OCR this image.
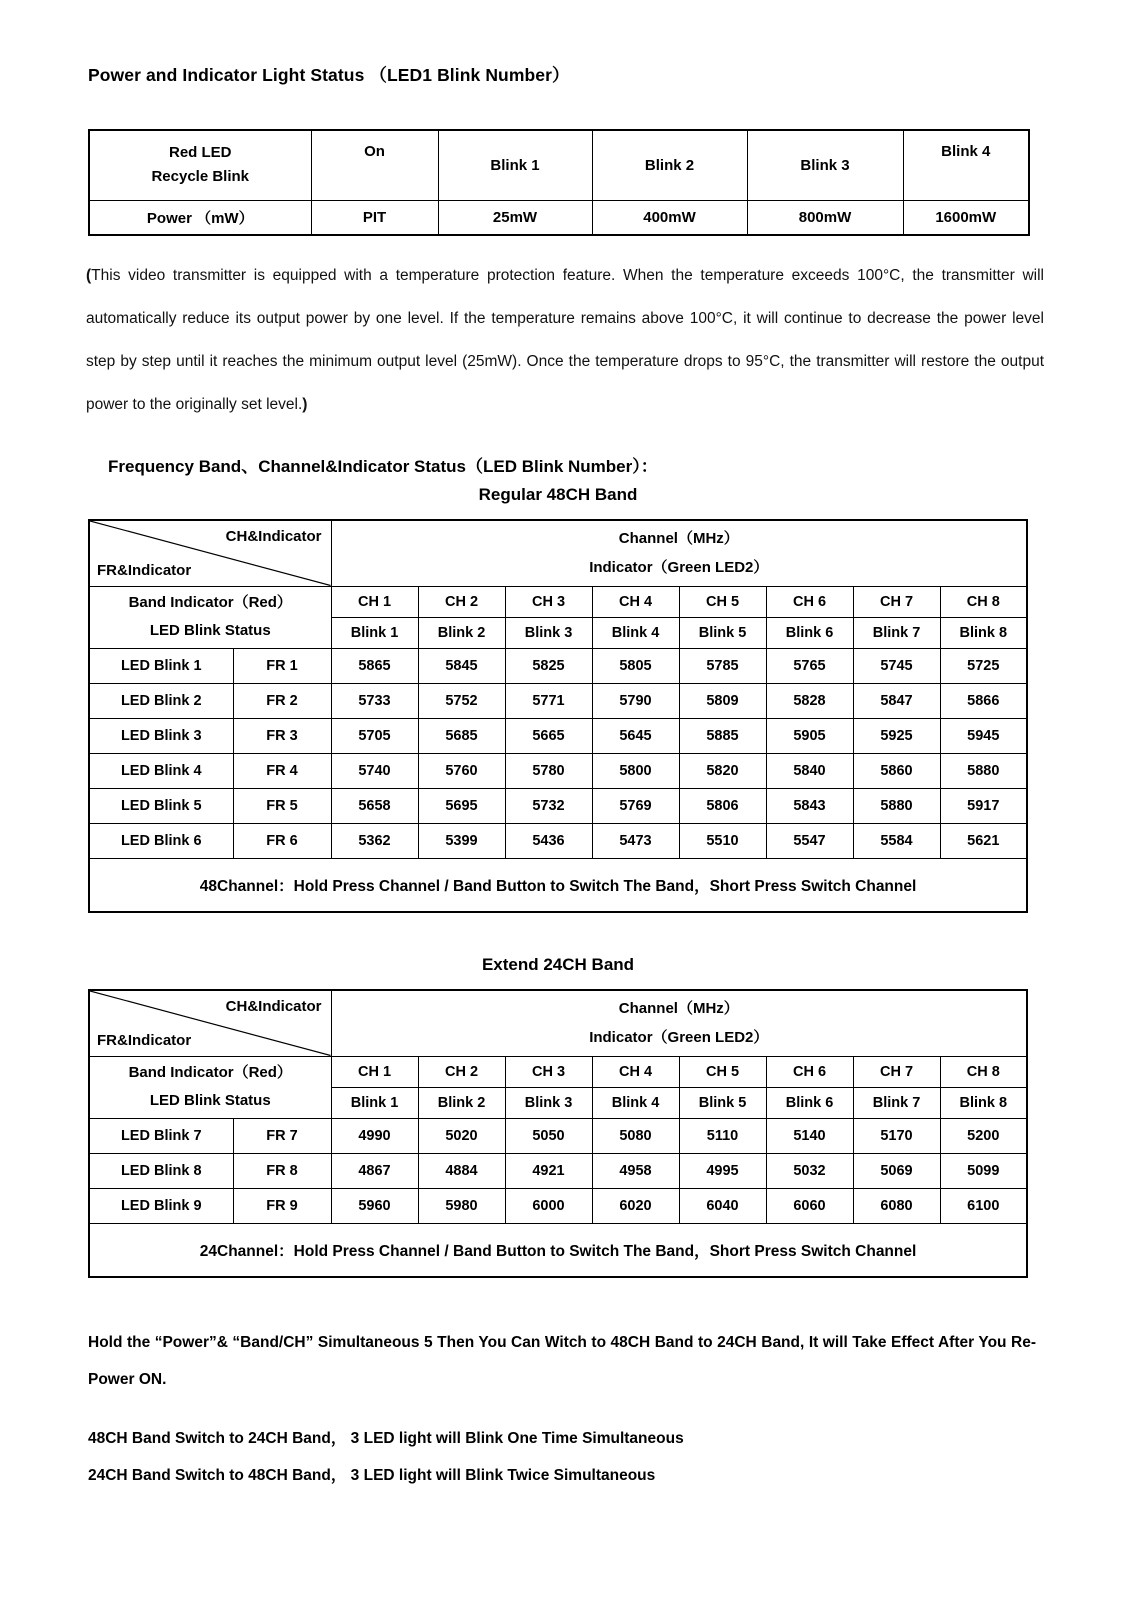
Power and Indicator Light Status （LED1 Blink Number）
Red LED
Recycle Blink	On	Blink 1	Blink 2	Blink 3	Blink 4
Power （mW）	PIT	25mW	400mW	800mW	1600mW
(This video transmitter is equipped with a temperature protection feature. When the temperature exceeds 100°C, the transmitter will automatically reduce its output power by one level. If the temperature remains above 100°C, it will continue to decrease the power level step by step until it reaches the minimum output level (25mW). Once the temperature drops to 95°C, the transmitter will restore the output power to the originally set level.)
Frequency Band、Channel&Indicator Status（LED Blink Number）：
Regular 48CH Band
CH&Indicator
FR&Indicator

Channel（MHz）
Indicator（Green LED2）

Band Indicator（Red）
LED Blink Status		CH 1	CH 2	CH 3	CH 4	CH 5	CH 6	CH 7	CH 8
		Blink 1	Blink 2	Blink 3	Blink 4	Blink 5	Blink 6	Blink 7	Blink 8
LED Blink 1	FR 1	5865	5845	5825	5805	5785	5765	5745	5725
LED Blink 2	FR 2	5733	5752	5771	5790	5809	5828	5847	5866
LED Blink 3	FR 3	5705	5685	5665	5645	5885	5905	5925	5945
LED Blink 4	FR 4	5740	5760	5780	5800	5820	5840	5860	5880
LED Blink 5	FR 5	5658	5695	5732	5769	5806	5843	5880	5917
LED Blink 6	FR 6	5362	5399	5436	5473	5510	5547	5584	5621
48Channel：Hold Press Channel / Band Button to Switch The Band，Short Press Switch Channel									
Extend 24CH Band
CH&Indicator
FR&Indicator

Channel（MHz）
Indicator（Green LED2）

Band Indicator（Red）
LED Blink Status		CH 1	CH 2	CH 3	CH 4	CH 5	CH 6	CH 7	CH 8
		Blink 1	Blink 2	Blink 3	Blink 4	Blink 5	Blink 6	Blink 7	Blink 8
LED Blink 7	FR 7	4990	5020	5050	5080	5110	5140	5170	5200
LED Blink 8	FR 8	4867	4884	4921	4958	4995	5032	5069	5099
LED Blink 9	FR 9	5960	5980	6000	6020	6040	6060	6080	6100
24Channel：Hold Press Channel / Band Button to Switch The Band，Short Press Switch Channel									
Hold the “Power”& “Band/CH” Simultaneous 5 Then You Can Witch to 48CH Band to 24CH Band, It will Take Effect After You Re-Power ON.
48CH Band Switch to 24CH Band， 3 LED light will Blink One Time Simultaneous
24CH Band Switch to 48CH Band， 3 LED light will Blink Twice Simultaneous
